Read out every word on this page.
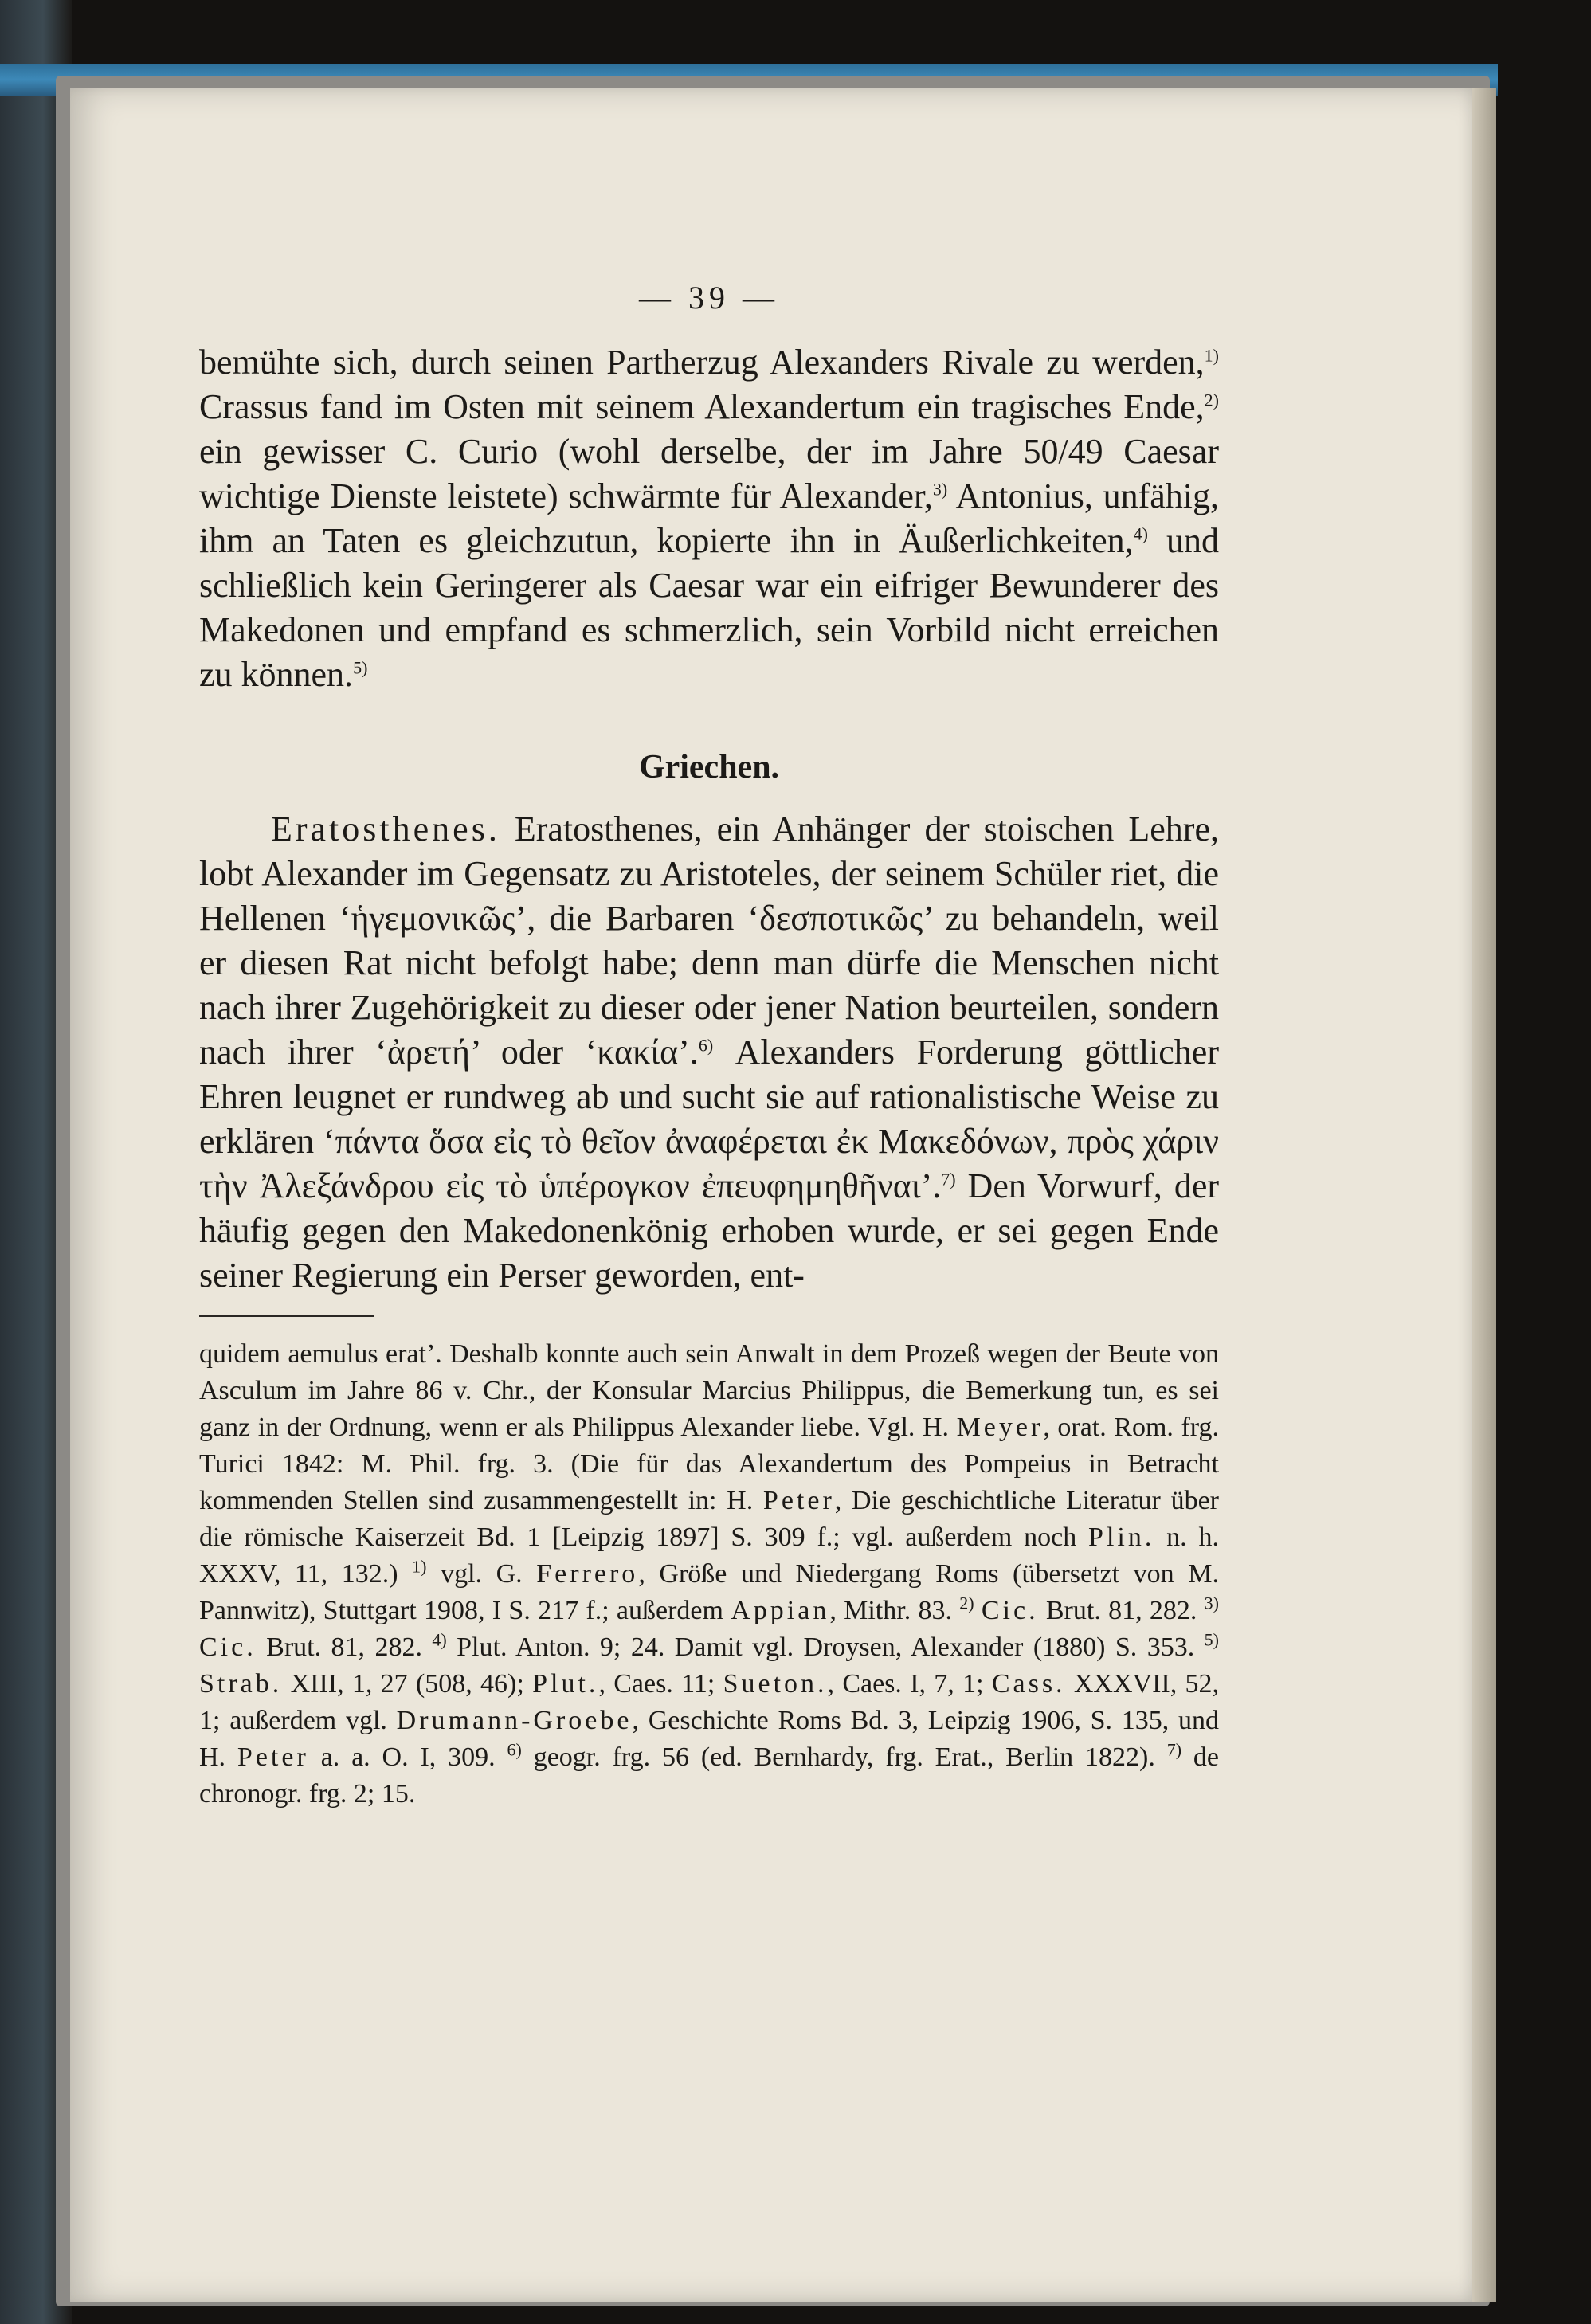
— 39 —

bemühte sich, durch seinen Partherzug Alexanders Rivale zu werden,$^{1)}$ Crassus fand im Osten mit seinem Alexandertum ein tragisches Ende,$^{2)}$ ein gewisser C. Curio (wohl derselbe, der im Jahre 50/49 Caesar wichtige Dienste leistete) schwärmte für Alexander,$^{3)}$ Antonius, unfähig, ihm an Taten es gleichzutun, kopierte ihn in Äußerlichkeiten,$^{4)}$ und schließlich kein Geringerer als Caesar war ein eifriger Bewunderer des Makedonen und empfand es schmerzlich, sein Vorbild nicht erreichen zu können.$^{5)}$

Griechen.

Eratosthenes. Eratosthenes, ein Anhänger der stoischen Lehre, lobt Alexander im Gegensatz zu Aristoteles, der seinem Schüler riet, die Hellenen ‘ἡγεμονικῶς’, die Barbaren ‘δεσποτικῶς’ zu behandeln, weil er diesen Rat nicht befolgt habe; denn man dürfe die Menschen nicht nach ihrer Zugehörigkeit zu dieser oder jener Nation beurteilen, sondern nach ihrer ‘ἀρετή’ oder ‘κακία’.$^{6)}$ Alexanders Forderung göttlicher Ehren leugnet er rundweg ab und sucht sie auf rationalistische Weise zu erklären ‘πάντα ὅσα εἰς τὸ θεῖον ἀναφέρεται ἐκ Μακεδόνων, πρὸς χάριν τὴν Ἀλεξάνδρου εἰς τὸ ὑπέρογκον ἐπευφημηθῆναι’.$^{7)}$ Den Vorwurf, der häufig gegen den Makedonenkönig erhoben wurde, er sei gegen Ende seiner Regierung ein Perser geworden, ent-

quidem aemulus erat’. Deshalb konnte auch sein Anwalt in dem Prozeß wegen der Beute von Asculum im Jahre 86 v. Chr., der Konsular Marcius Philippus, die Bemerkung tun, es sei ganz in der Ordnung, wenn er als Philippus Alexander liebe. Vgl. H. Meyer, orat. Rom. frg. Turici 1842: M. Phil. frg. 3. (Die für das Alexandertum des Pompeius in Betracht kommenden Stellen sind zusammengestellt in: H. Peter, Die geschichtliche Literatur über die römische Kaiserzeit Bd. 1 [Leipzig 1897] S. 309 f.; vgl. außerdem noch Plin. n. h. XXXV, 11, 132.) $^{1)}$ vgl. G. Ferrero, Größe und Niedergang Roms (übersetzt von M. Pannwitz), Stuttgart 1908, I S. 217 f.; außerdem Appian, Mithr. 83. $^{2)}$ Cic. Brut. 81, 282. $^{3)}$ Cic. Brut. 81, 282. $^{4)}$ Plut. Anton. 9; 24. Damit vgl. Droysen, Alexander (1880) S. 353. $^{5)}$ Strab. XIII, 1, 27 (508, 46); Plut., Caes. 11; Sueton., Caes. I, 7, 1; Cass. XXXVII, 52, 1; außerdem vgl. Drumann-Groebe, Geschichte Roms Bd. 3, Leipzig 1906, S. 135, und H. Peter a. a. O. I, 309. $^{6)}$ geogr. frg. 56 (ed. Bernhardy, frg. Erat., Berlin 1822). $^{7)}$ de chronogr. frg. 2; 15.
